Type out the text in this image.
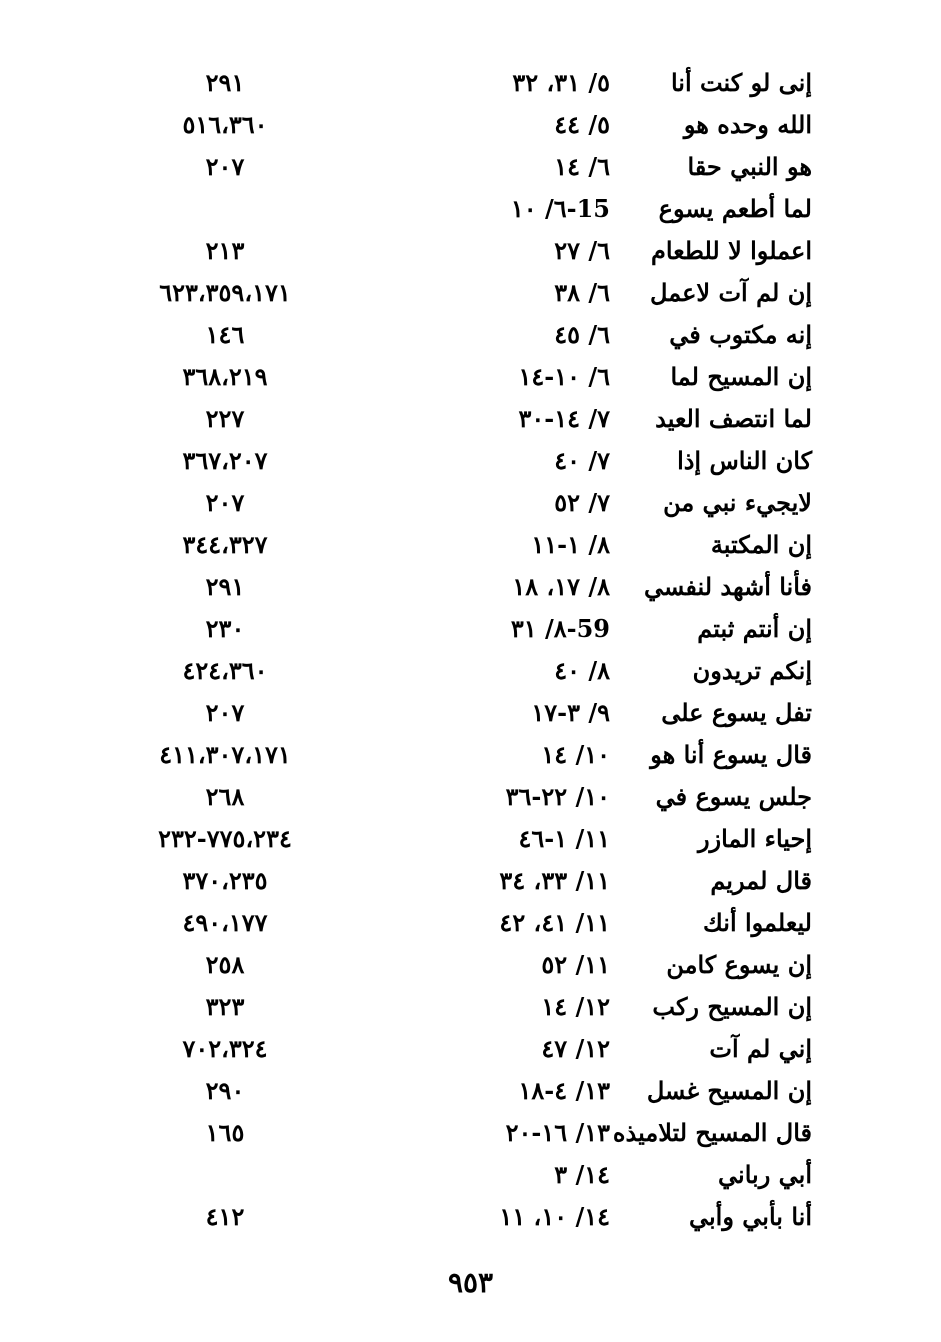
إنى لو كنت أنا
٥/ ٣١، ٣٢
٢٩١
الله وحده هو
٥/ ٤٤
٥١٦،٣٦٠
هو النبي حقا
٦/ ١٤
٢٠٧
لما أطعم يسوع
٦/ ١٠-15
اعملوا لا للطعام
٦/ ٢٧
٢١٣
إن لم آت لاعمل
٦/ ٣٨
٦٢٣،٣٥٩،١٧١
إنه مكتوب في
٦/ ٤٥
١٤٦
إن المسيح لما
٦/ ١٠-١٤
٣٦٨،٢١٩
لما انتصف العيد
٧/ ١٤-٣٠
٢٢٧
كان الناس إذا
٧/ ٤٠
٣٦٧،٢٠٧
لايجيء نبي من
٧/ ٥٢
٢٠٧
إن المكتبة
٨/ ١-١١
٣٤٤،٣٢٧
فأنا أشهد لنفسي
٨/ ١٧، ١٨
٢٩١
إن أنتم ثبتم
٨/ ٣١-59
٢٣٠
إنكم تريدون
٨/ ٤٠
٤٢٤،٣٦٠
تفل يسوع على
٩/ ٣-١٧
٢٠٧
قال يسوع أنا هو
١٠/ ١٤
٤١١،٣٠٧،١٧١
جلس يسوع في
١٠/ ٢٢-٣٦
٢٦٨
إحياء المازر
١١/ ١-٤٦
٧٧٥،٢٣٤-٢٣٢
قال لمريم
١١/ ٣٣، ٣٤
٣٧٠،٢٣٥
ليعلموا أنك
١١/ ٤١، ٤٢
٤٩٠،١٧٧
إن يسوع كامن
١١/ ٥٢
٢٥٨
إن المسيح ركب
١٢/ ١٤
٣٢٣
إني لم آت
١٢/ ٤٧
٧٠٢،٣٢٤
إن المسيح غسل
١٣/ ٤-١٨
٢٩٠
قال المسيح لتلاميذه
١٣/ ١٦-٢٠
١٦٥
أبي رباني
١٤/ ٣
أنا بأبي وأبي
١٤/ ١٠، ١١
٤١٢
٩٥٣
